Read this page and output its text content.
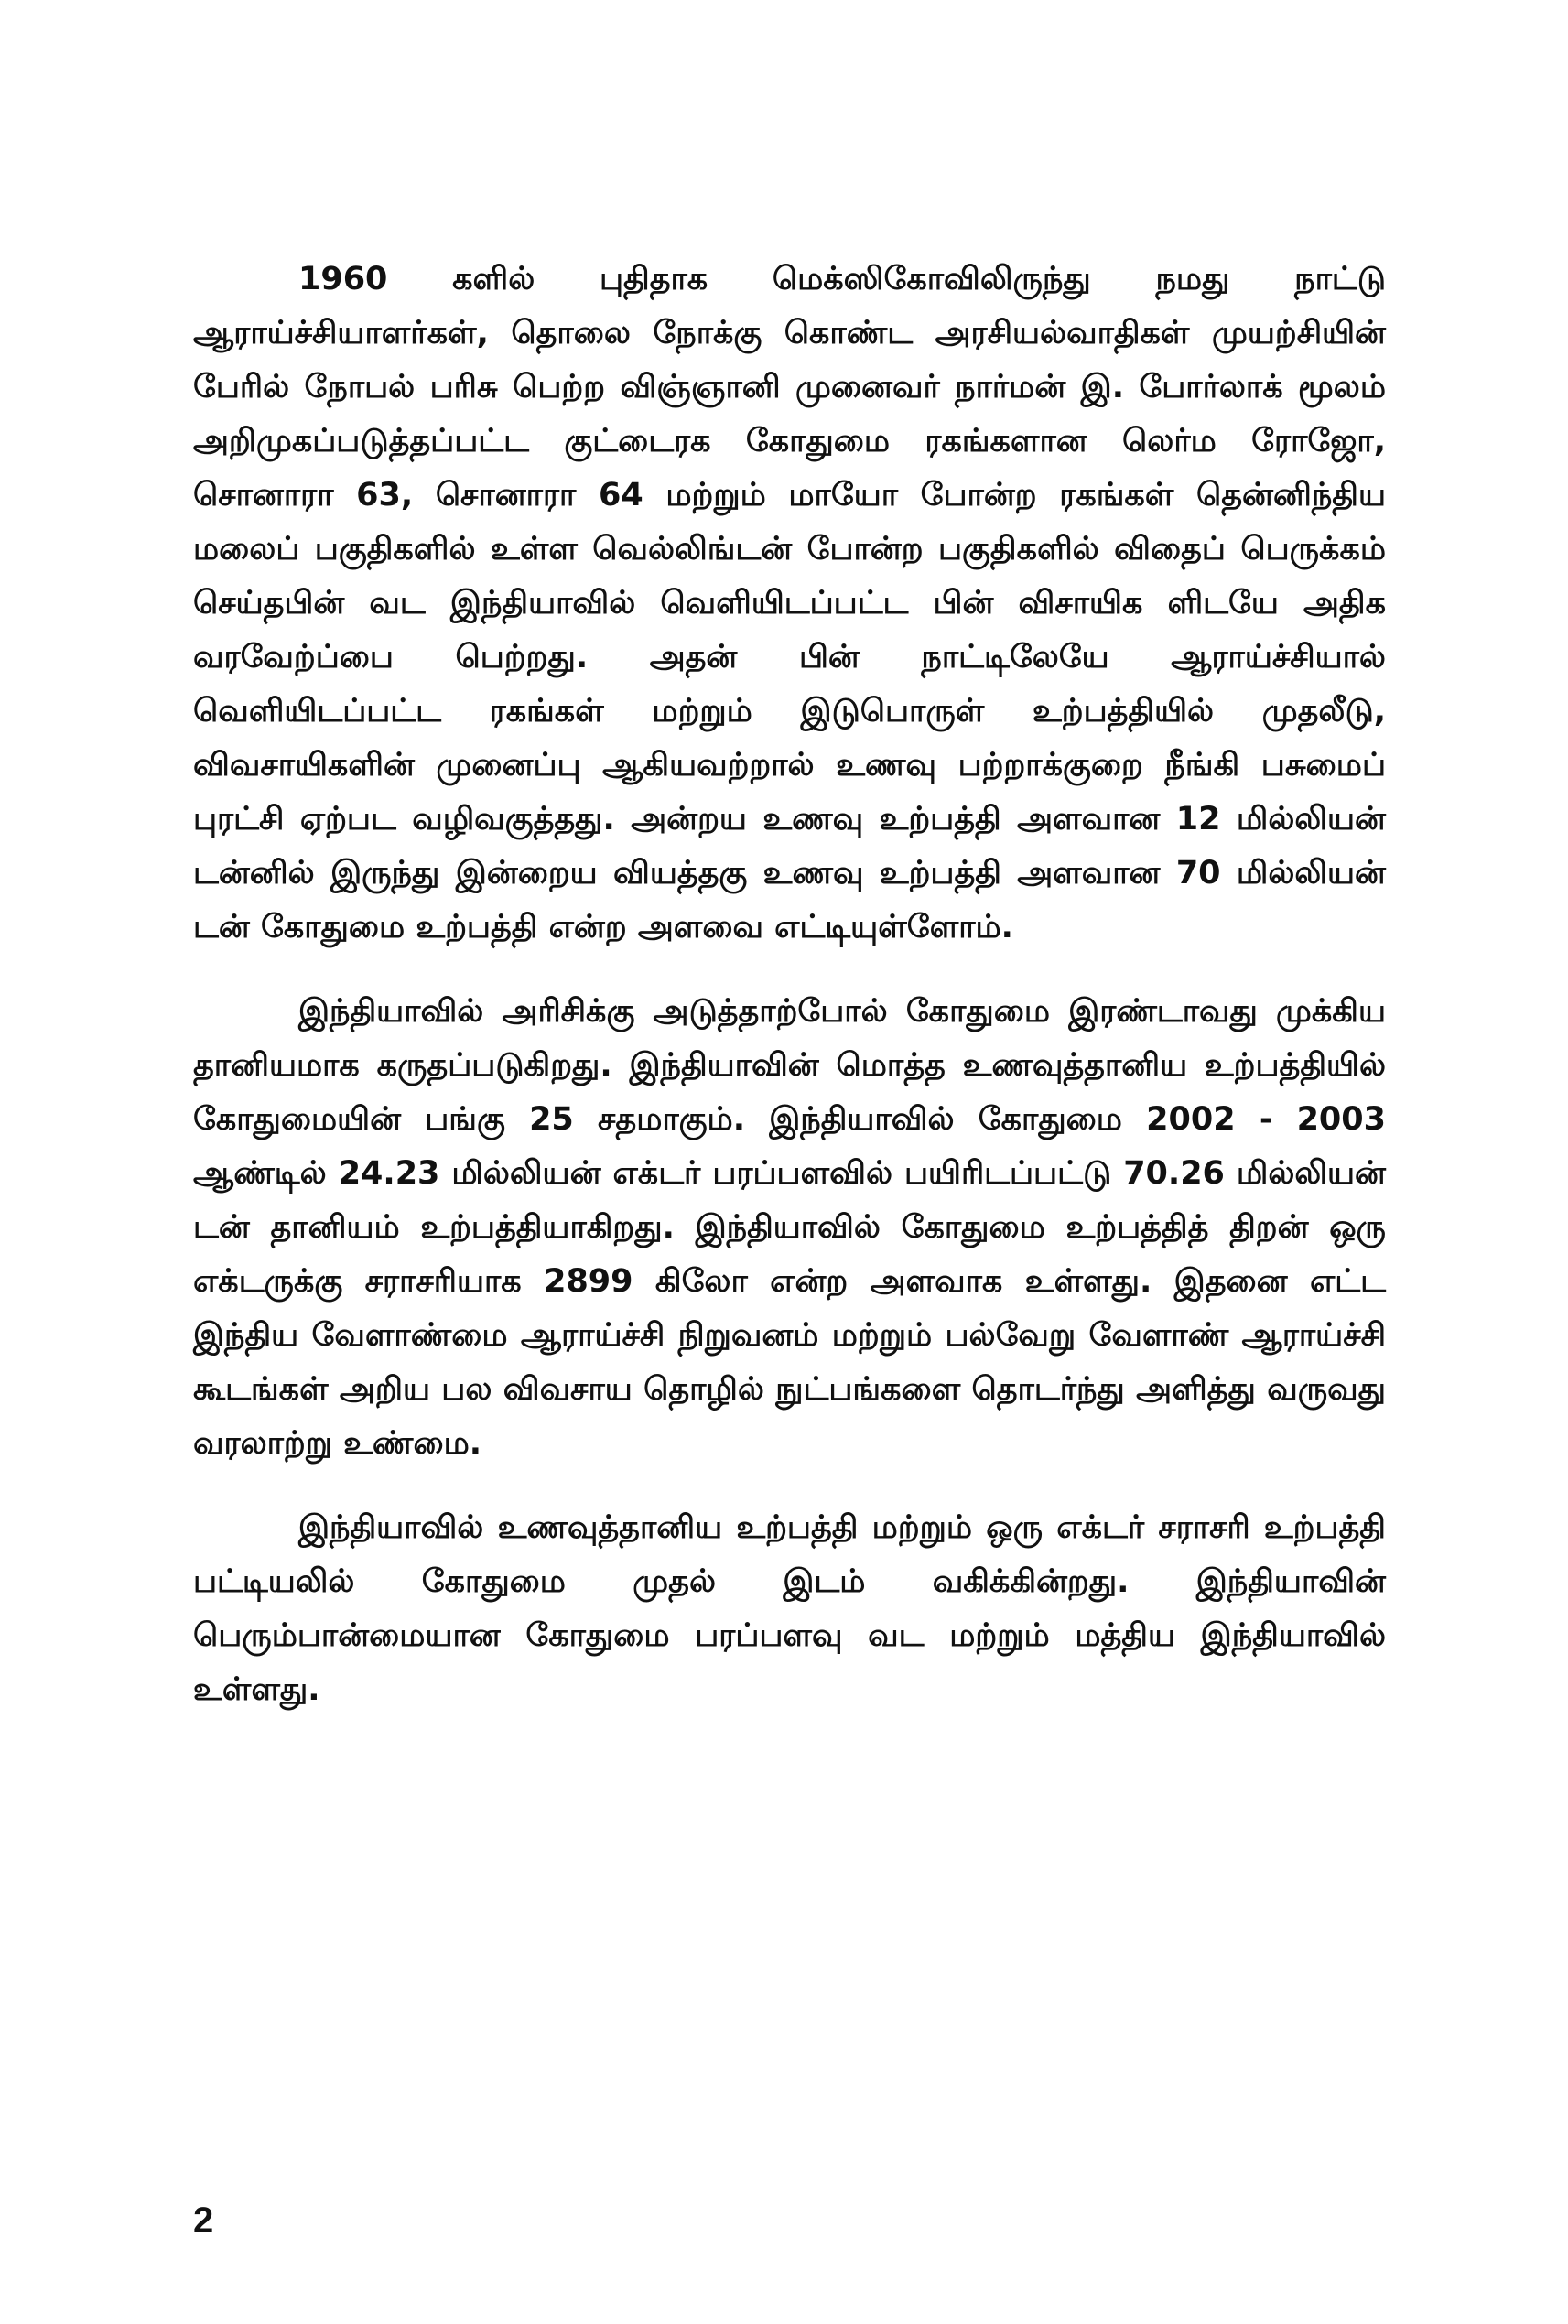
1960 களில் புதிதாக மெக்ஸிகோவிலிருந்து நமது நாட்டு ஆராய்ச்சியாளர்கள், தொலை நோக்கு கொண்ட அரசியல்வாதிகள் முயற்சியின் பேரில் நோபல் பரிசு பெற்ற விஞ்ஞானி முனைவர் நார்மன் இ. போர்லாக் மூலம் அறிமுகப்படுத்தப்பட்ட குட்டைரக கோதுமை ரகங்களான லெர்ம ரோஜோ, சொனாரா 63, சொனாரா 64 மற்றும் மாயோ போன்ற ரகங்கள் தென்னிந்திய மலைப் பகுதிகளில் உள்ள வெல்லிங்டன் போன்ற பகுதிகளில் விதைப் பெருக்கம் செய்தபின் வட இந்தியாவில் வெளியிடப்பட்ட பின் விசாயிக ளிடயே அதிக வரவேற்ப்பை பெற்றது. அதன் பின் நாட்டிலேயே ஆராய்ச்சியால் வெளியிடப்பட்ட ரகங்கள் மற்றும் இடுபொருள் உற்பத்தியில் முதலீடு, விவசாயிகளின் முனைப்பு ஆகியவற்றால் உணவு பற்றாக்குறை நீங்கி பசுமைப் புரட்சி ஏற்பட வழிவகுத்தது. அன்றய உணவு உற்பத்தி அளவான 12 மில்லியன் டன்னில் இருந்து இன்றைய வியத்தகு உணவு உற்பத்தி அளவான 70 மில்லியன் டன் கோதுமை உற்பத்தி என்ற அளவை எட்டியுள்ளோம்.

இந்தியாவில் அரிசிக்கு அடுத்தாற்போல் கோதுமை இரண்டாவது முக்கிய தானியமாக கருதப்படுகிறது. இந்தியாவின் மொத்த உணவுத்தானிய உற்பத்தியில் கோதுமையின் பங்கு 25 சதமாகும். இந்தியாவில் கோதுமை 2002 - 2003 ஆண்டில் 24.23 மில்லியன் எக்டர் பரப்பளவில் பயிரிடப்பட்டு 70.26 மில்லியன் டன் தானியம் உற்பத்தியாகிறது. இந்தியாவில் கோதுமை உற்பத்தித் திறன் ஒரு எக்டருக்கு சராசரியாக 2899 கிலோ என்ற அளவாக உள்ளது. இதனை எட்ட இந்திய வேளாண்மை ஆராய்ச்சி நிறுவனம் மற்றும் பல்வேறு வேளாண் ஆராய்ச்சி கூடங்கள் அறிய பல விவசாய தொழில் நுட்பங்களை தொடர்ந்து அளித்து வருவது வரலாற்று உண்மை.

இந்தியாவில் உணவுத்தானிய உற்பத்தி மற்றும் ஒரு எக்டர் சராசரி உற்பத்தி பட்டியலில் கோதுமை முதல் இடம் வகிக்கின்றது. இந்தியாவின் பெரும்பான்மையான கோதுமை பரப்பளவு வட மற்றும் மத்திய இந்தியாவில் உள்ளது.

2
